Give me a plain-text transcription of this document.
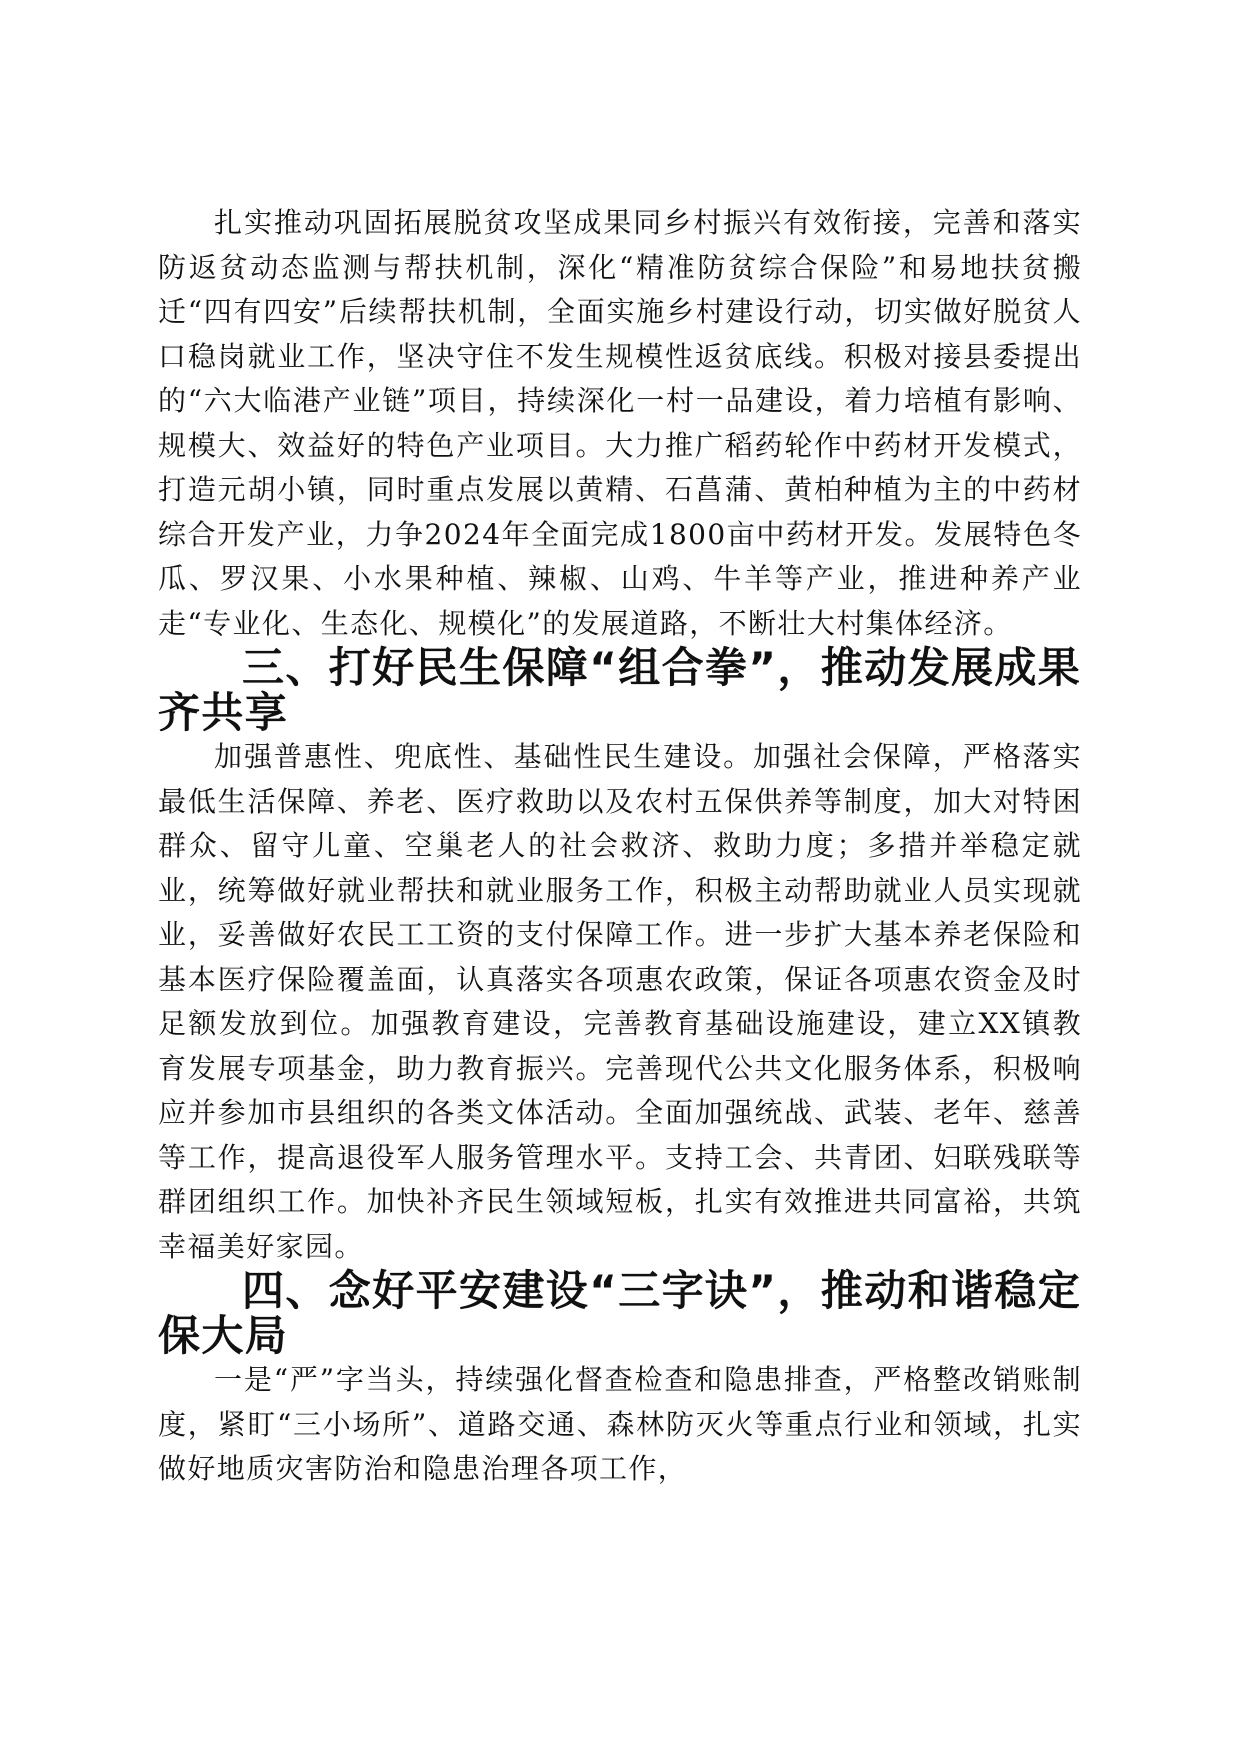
扎实推动巩固拓展脱贫攻坚成果同乡村振兴有效衔接，完善和落实防返贫动态监测与帮扶机制，深化“精准防贫综合保险”和易地扶贫搬迁“四有四安”后续帮扶机制，全面实施乡村建设行动，切实做好脱贫人口稳岗就业工作，坚决守住不发生规模性返贫底线。积极对接县委提出的“六大临港产业链”项目，持续深化一村一品建设，着力培植有影响、规模大、效益好的特色产业项目。大力推广稻药轮作中药材开发模式，打造元胡小镇，同时重点发展以黄精、石菖蒲、黄柏种植为主的中药材综合开发产业，力争2024年全面完成1800亩中药材开发。发展特色冬瓜、罗汉果、小水果种植、辣椒、山鸡、牛羊等产业，推进种养产业走“专业化、生态化、规模化”的发展道路，不断壮大村集体经济。

三、打好民生保障“组合拳”，推动发展成果齐共享

加强普惠性、兜底性、基础性民生建设。加强社会保障，严格落实最低生活保障、养老、医疗救助以及农村五保供养等制度，加大对特困群众、留守儿童、空巢老人的社会救济、救助力度；多措并举稳定就业，统筹做好就业帮扶和就业服务工作，积极主动帮助就业人员实现就业，妥善做好农民工工资的支付保障工作。进一步扩大基本养老保险和基本医疗保险覆盖面，认真落实各项惠农政策，保证各项惠农资金及时足额发放到位。加强教育建设，完善教育基础设施建设，建立XX镇教育发展专项基金，助力教育振兴。完善现代公共文化服务体系，积极响应并参加市县组织的各类文体活动。全面加强统战、武装、老年、慈善等工作，提高退役军人服务管理水平。支持工会、共青团、妇联残联等群团组织工作。加快补齐民生领域短板，扎实有效推进共同富裕，共筑幸福美好家园。

四、念好平安建设“三字诀”，推动和谐稳定保大局

一是“严”字当头，持续强化督查检查和隐患排查，严格整改销账制度，紧盯“三小场所”、道路交通、森林防灭火等重点行业和领域，扎实做好地质灾害防治和隐患治理各项工作，
